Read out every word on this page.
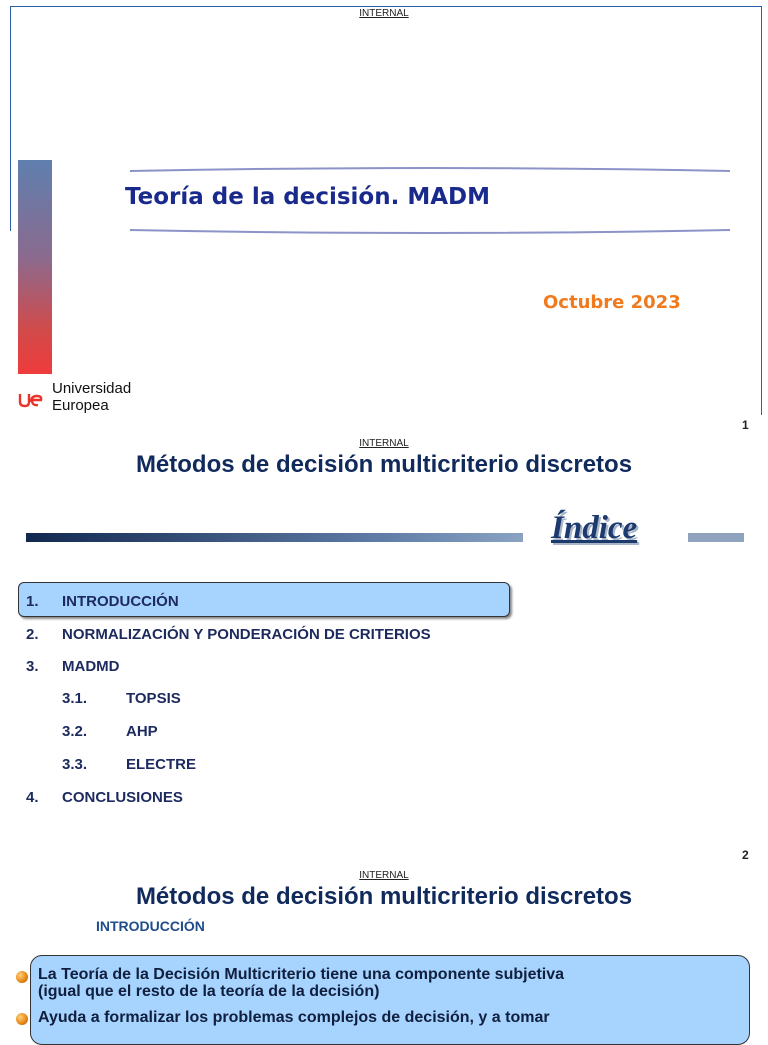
INTERNAL
Teoría de la decisión. MADM
Octubre 2023
Universidad
Europea
1
INTERNAL
Métodos de decisión multicriterio discretos
Índice
1. INTRODUCCIÓN
2. NORMALIZACIÓN Y PONDERACIÓN DE CRITERIOS
3. MADMD
3.1.	TOPSIS
3.2.	AHP
3.3.	ELECTRE
4. CONCLUSIONES
2
INTERNAL
Métodos de decisión multicriterio discretos
INTRODUCCIÓN
La Teoría de la Decisión Multicriterio tiene una componente subjetiva
(igual que el resto de la teoría de la decisión)
Ayuda a formalizar los problemas complejos de decisión, y a tomar
